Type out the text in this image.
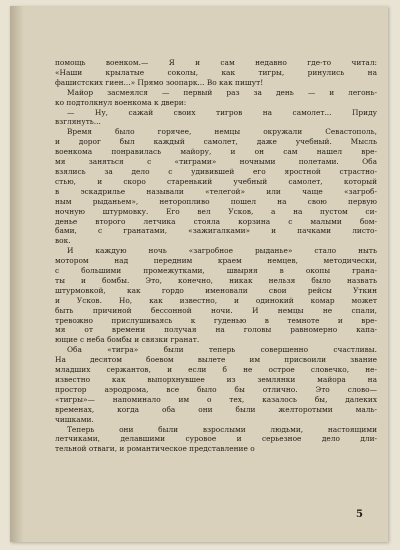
помощь военком.— Я и сам недавно где-то читал:
«Наши крылатые соколы, как тигры, ринулись на
фашистских гиен...» Прямо зоопарк... Во как пишут!

Майор засмеялся — первый раз за день — и легонь-
ко подтолкнул военкома к двери:

— Ну, сажай своих тигров на самолет... Приду
взглянуть...

Время было горячее, немцы окружали Севастополь,
и дорог был каждый самолет, даже учебный. Мысль
военкома понравилась майору, и он сам нашел вре-
мя заняться с «тиграми» ночными полетами. Оба
взялись за дело с удивившей его яростной страстно-
стью, и скоро старенький учебный самолет, который
в эскадрилье называли «телегой» или чаще «загроб-
ным рыданьем», неторопливо пошел на свою первую
ночную штурмовку. Его вел Усков, а на пустом си-
денье второго летчика стояла корзина с малыми бом-
бами, с гранатами, «зажигалками» и пачками листо-
вок.

И каждую ночь «загробное рыданье» стало ныть
мотором над передним краем немцев, методически,
с большими промежутками, швыряя в окопы грана-
ты и бомбы. Это, конечно, никак нельзя было назвать
штурмовкой, как гордо именовали свои рейсы Уткин
и Усков. Но, как известно, и одинокий комар может
быть причиной бессонной ночи. И немцы не спали,
тревожно прислушиваясь к гуденью в темноте и вре-
мя от времени получая на головы равномерно капа-
ющие с неба бомбы и связки гранат.

Оба «тигра» были теперь совершенно счастливы.
На десятом боевом вылете им присвоили звание
младших сержантов, и если б не острое словечко, не-
известно как выпорхнувшее из землянки майора на
простор аэродрома, все было бы отлично. Это слово—
«тигры»— напоминало им о тех, казалось бы, далеких
временах, когда оба они были желторотыми маль-
чишками.

Теперь они были взрослыми людьми, настоящими
летчиками, делавшими суровое и серьезное дело дли-
тельной отваги, и романтическое представление о

5
